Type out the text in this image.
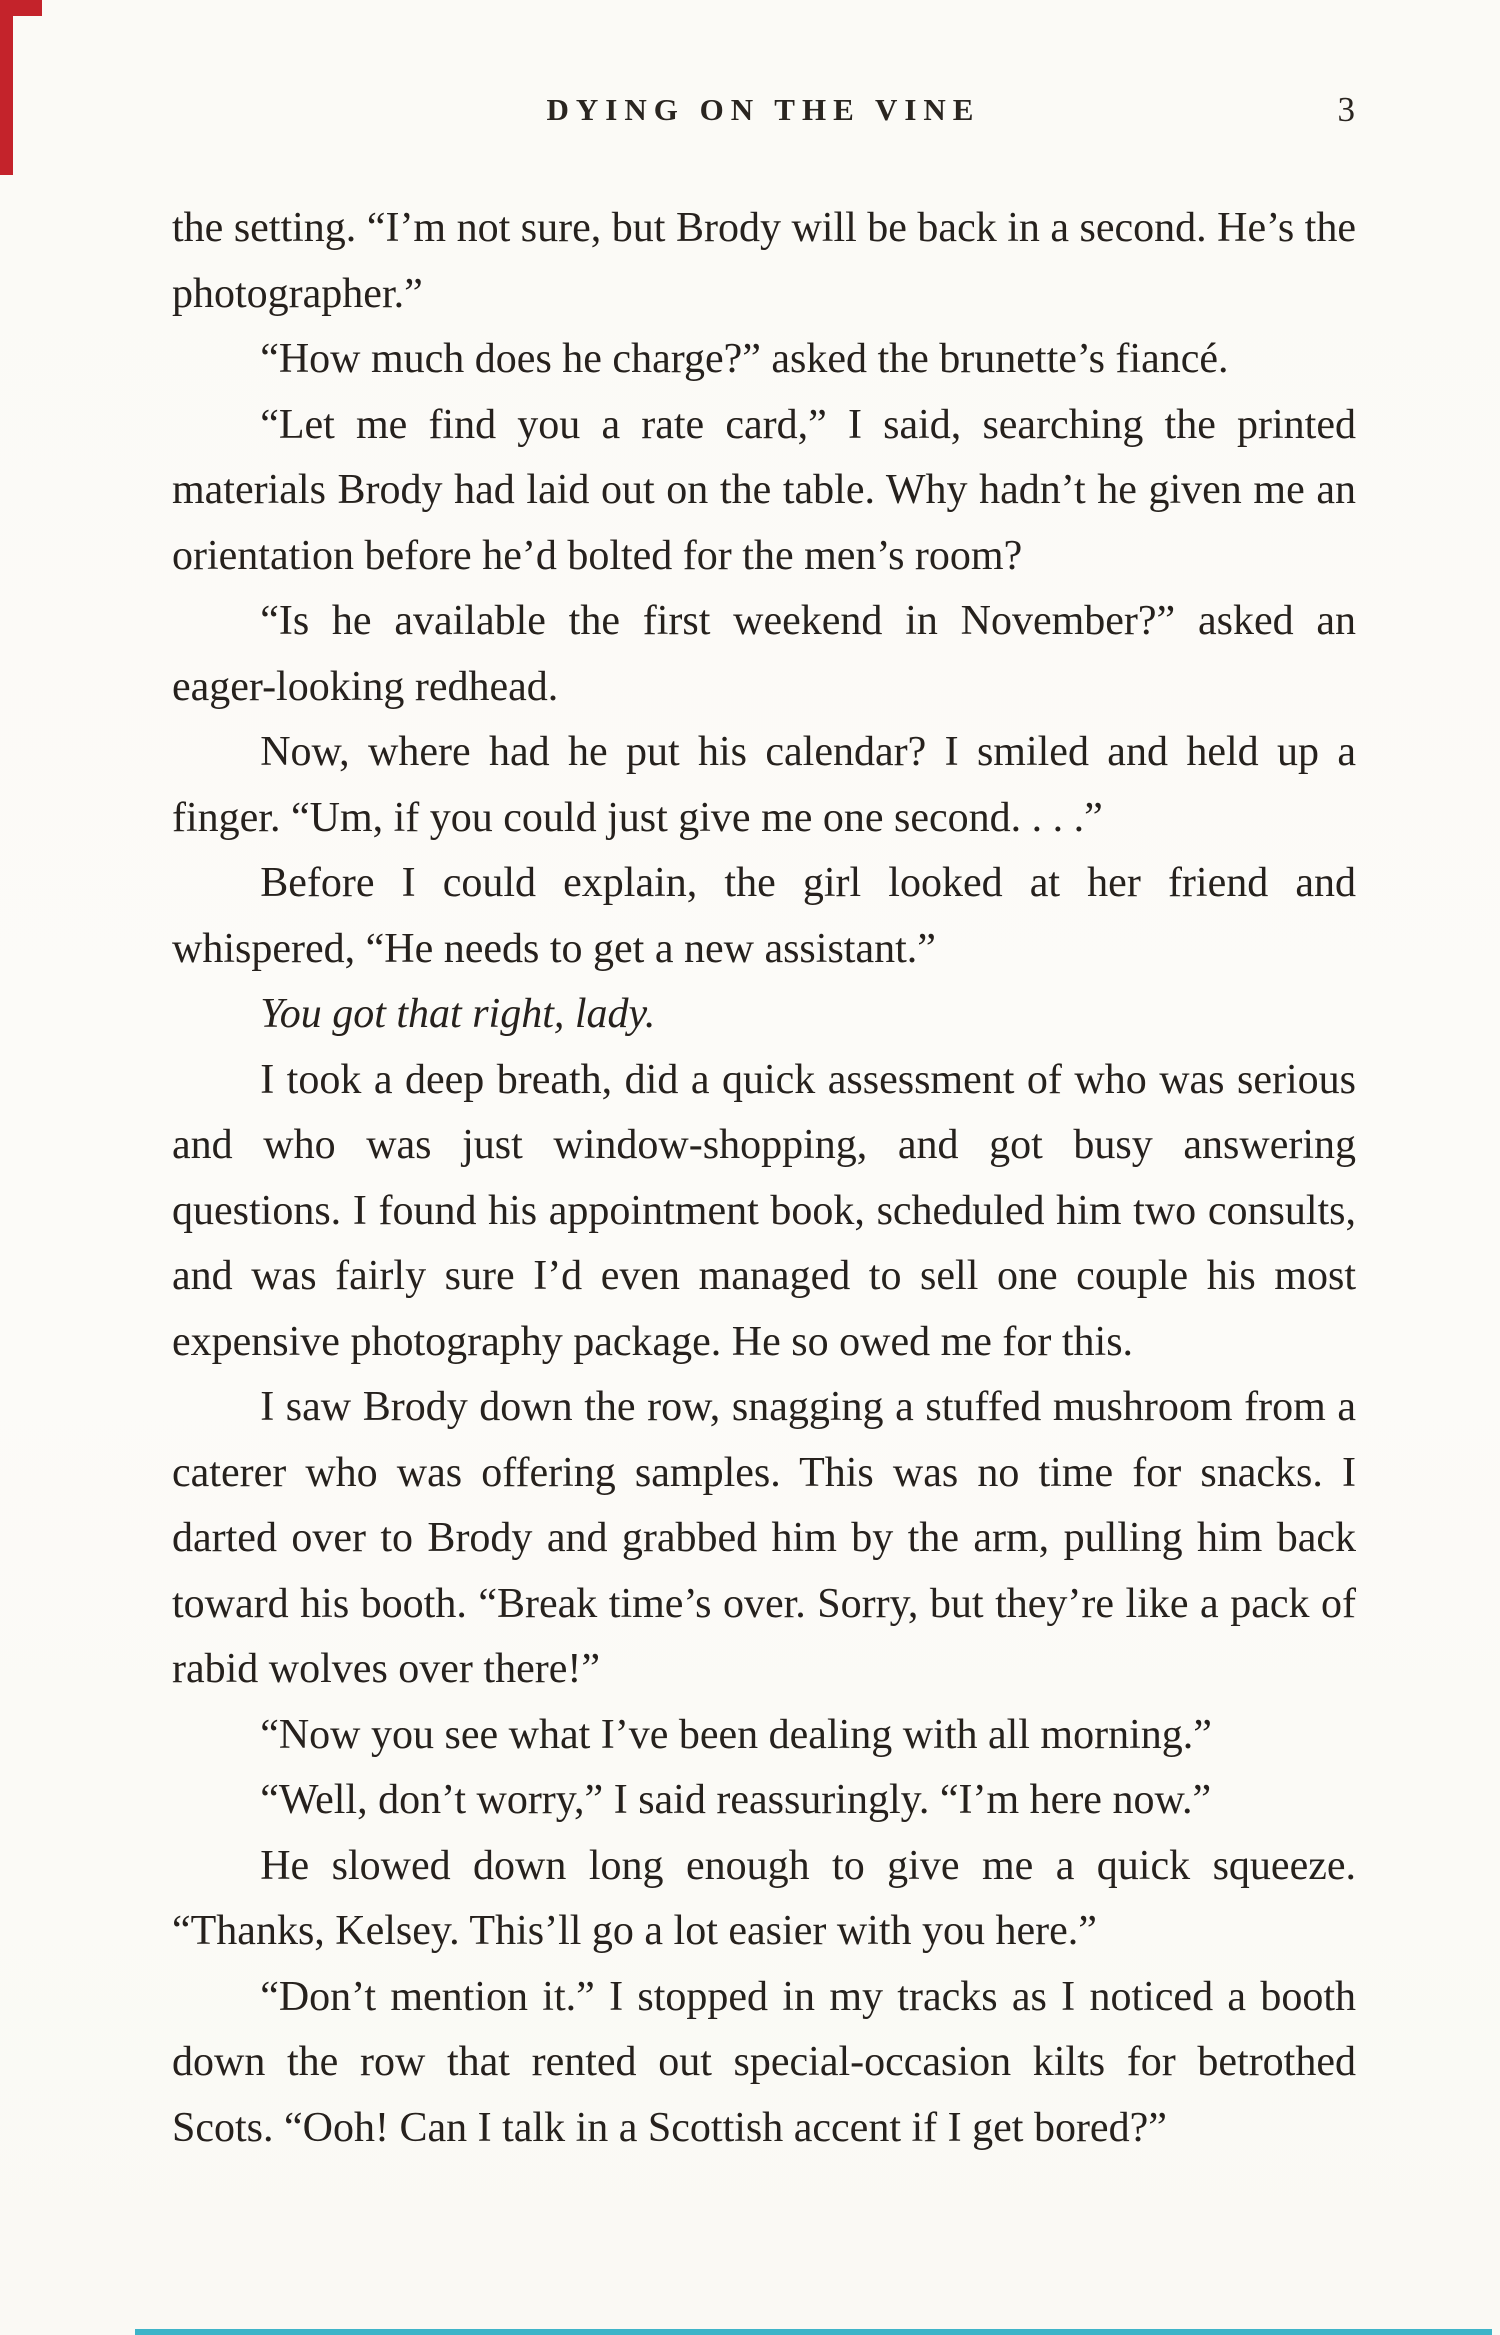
DYING ON THE VINE	3

the setting. “I’m not sure, but Brody will be back in a second. He’s the photographer.”

“How much does he charge?” asked the brunette’s fiancé.

“Let me find you a rate card,” I said, searching the printed materials Brody had laid out on the table. Why hadn’t he given me an orientation before he’d bolted for the men’s room?

“Is he available the first weekend in November?” asked an eager-looking redhead.

Now, where had he put his calendar? I smiled and held up a finger. “Um, if you could just give me one second. . . .”

Before I could explain, the girl looked at her friend and whispered, “He needs to get a new assistant.”

You got that right, lady.

I took a deep breath, did a quick assessment of who was serious and who was just window-shopping, and got busy answering questions. I found his appointment book, scheduled him two consults, and was fairly sure I’d even managed to sell one couple his most expensive photography package. He so owed me for this.

I saw Brody down the row, snagging a stuffed mushroom from a caterer who was offering samples. This was no time for snacks. I darted over to Brody and grabbed him by the arm, pulling him back toward his booth. “Break time’s over. Sorry, but they’re like a pack of rabid wolves over there!”

“Now you see what I’ve been dealing with all morning.”

“Well, don’t worry,” I said reassuringly. “I’m here now.”

He slowed down long enough to give me a quick squeeze. “Thanks, Kelsey. This’ll go a lot easier with you here.”

“Don’t mention it.” I stopped in my tracks as I noticed a booth down the row that rented out special-occasion kilts for betrothed Scots. “Ooh! Can I talk in a Scottish accent if I get bored?”
